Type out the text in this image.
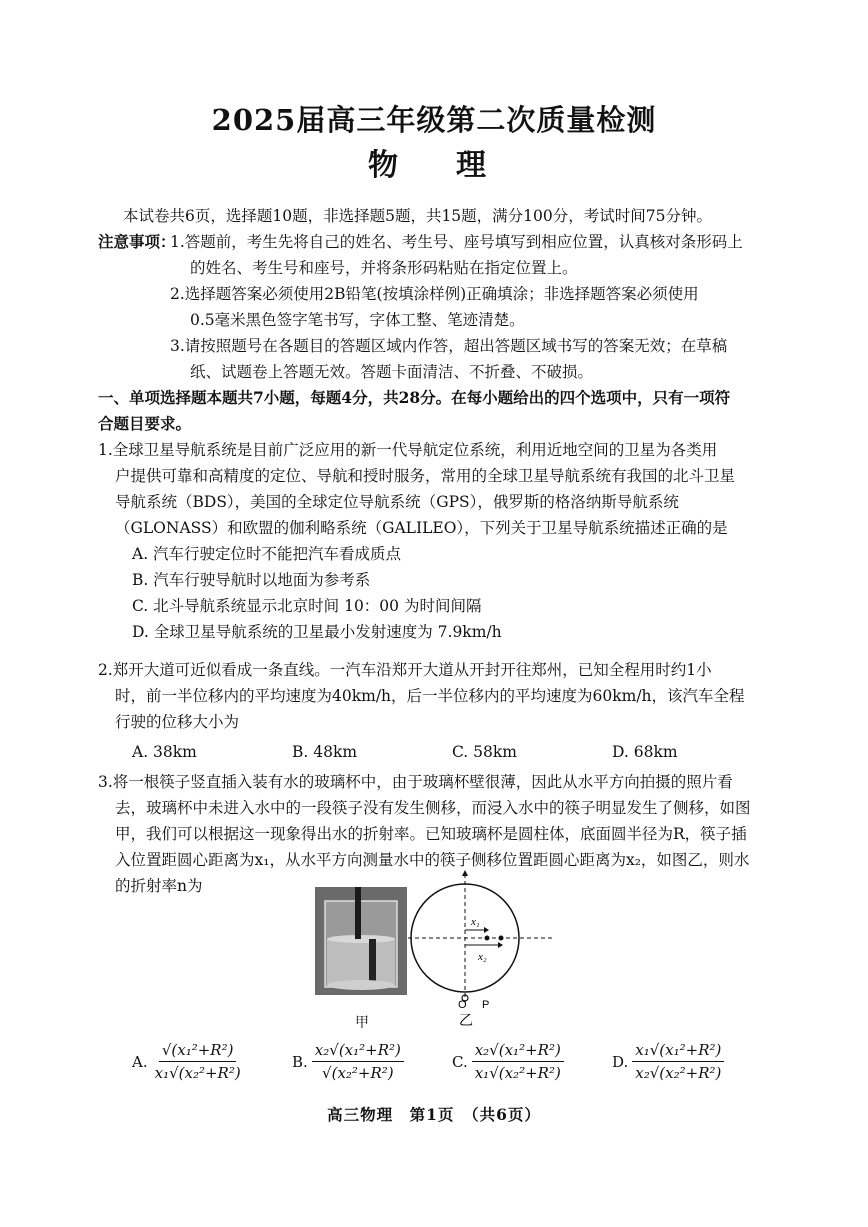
2025届高三年级第二次质量检测
物　理
本试卷共6页，选择题10题，非选择题5题，共15题，满分100分，考试时间75分钟。
注意事项：
1.答题前，考生先将自己的姓名、考生号、座号填写到相应位置，认真核对条形码上
的姓名、考生号和座号，并将条形码粘贴在指定位置上。
2.选择题答案必须使用2B铅笔(按填涂样例)正确填涂；非选择题答案必须使用
0.5毫米黑色签字笔书写，字体工整、笔迹清楚。
3.请按照题号在各题目的答题区域内作答，超出答题区域书写的答案无效；在草稿
纸、试题卷上答题无效。答题卡面清洁、不折叠、不破损。
一、单项选择题本题共7小题，每题4分，共28分。在每小题给出的四个选项中，只有一项符
合题目要求。
1.全球卫星导航系统是目前广泛应用的新一代导航定位系统，利用近地空间的卫星为各类用
户提供可靠和高精度的定位、导航和授时服务，常用的全球卫星导航系统有我国的北斗卫星
导航系统（BDS），美国的全球定位导航系统（GPS），俄罗斯的格洛纳斯导航系统
（GLONASS）和欧盟的伽利略系统（GALILEO），下列关于卫星导航系统描述正确的是
A. 汽车行驶定位时不能把汽车看成质点
B. 汽车行驶导航时以地面为参考系
C. 北斗导航系统显示北京时间 10：00 为时间间隔
D. 全球卫星导航系统的卫星最小发射速度为 7.9km/h
2.郑开大道可近似看成一条直线。一汽车沿郑开大道从开封开往郑州，已知全程用时约1小
时，前一半位移内的平均速度为40km/h，后一半位移内的平均速度为60km/h，该汽车全程
行驶的位移大小为
A. 38km	B. 48km	C. 58km	D. 68km
3.将一根筷子竖直插入装有水的玻璃杯中，由于玻璃杯壁很薄，因此从水平方向拍摄的照片看
去，玻璃杯中未进入水中的一段筷子没有发生侧移，而浸入水中的筷子明显发生了侧移，如图
甲，我们可以根据这一现象得出水的折射率。已知玻璃杯是圆柱体，底面圆半径为R，筷子插
入位置距圆心距离为x₁，从水平方向测量水中的筷子侧移位置距圆心距离为x₂，如图乙，则水
的折射率n为
甲
x₁
x₂
O P
乙
A. $\frac{\text{√(x₁²+R²)}}{\text{x₁√(x₂²+R²)}}$	B. $\frac{\text{x₂√(x₁²+R²)}}{\text{√(x₂²+R²)}}$	C. $\frac{\text{x₂√(x₁²+R²)}}{\text{x₁√(x₂²+R²)}}$	D. $\frac{\text{x₁√(x₁²+R²)}}{\text{x₂√(x₂²+R²)}}$
高三物理　第1页　（共6页）
